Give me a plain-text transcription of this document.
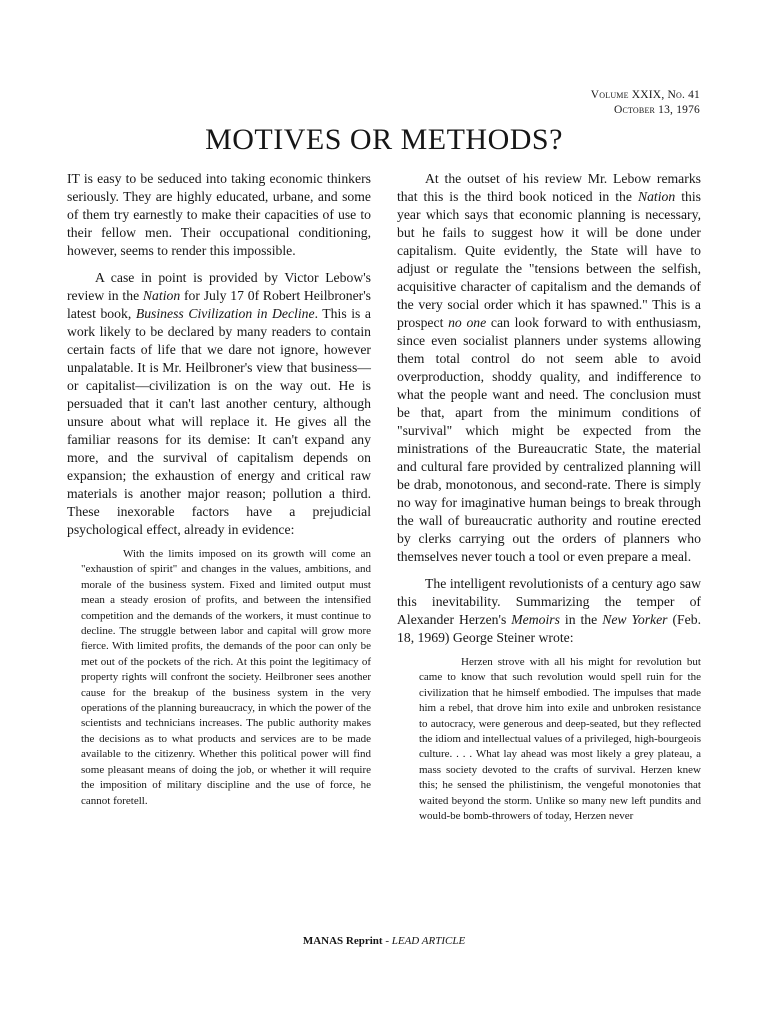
Volume XXIX, No. 41
October 13, 1976
MOTIVES OR METHODS?

IT is easy to be seduced into taking economic thinkers seriously. They are highly educated, urbane, and some of them try earnestly to make their capacities of use to their fellow men. Their occupational conditioning, however, seems to render this impossible.

A case in point is provided by Victor Lebow's review in the Nation for July 17 0f Robert Heilbroner's latest book, Business Civilization in Decline. This is a work likely to be declared by many readers to contain certain facts of life that we dare not ignore, however unpalatable. It is Mr. Heilbroner's view that business—or capitalist—civilization is on the way out. He is persuaded that it can't last another century, although unsure about what will replace it. He gives all the familiar reasons for its demise: It can't expand any more, and the survival of capitalism depends on expansion; the exhaustion of energy and critical raw materials is another major reason; pollution a third. These inexorable factors have a prejudicial psychological effect, already in evidence:

With the limits imposed on its growth will come an "exhaustion of spirit" and changes in the values, ambitions, and morale of the business system. Fixed and limited output must mean a steady erosion of profits, and between the intensified competition and the demands of the workers, it must continue to decline. The struggle between labor and capital will grow more fierce. With limited profits, the demands of the poor can only be met out of the pockets of the rich. At this point the legitimacy of property rights will confront the society. Heilbroner sees another cause for the breakup of the business system in the very operations of the planning bureaucracy, in which the power of the scientists and technicians increases. The public authority makes the decisions as to what products and services are to be made available to the citizenry. Whether this political power will find some pleasant means of doing the job, or whether it will require the imposition of military discipline and the use of force, he cannot foretell.

At the outset of his review Mr. Lebow remarks that this is the third book noticed in the Nation this year which says that economic planning is necessary, but he fails to suggest how it will be done under capitalism. Quite evidently, the State will have to adjust or regulate the "tensions between the selfish, acquisitive character of capitalism and the demands of the very social order which it has spawned." This is a prospect no one can look forward to with enthusiasm, since even socialist planners under systems allowing them total control do not seem able to avoid overproduction, shoddy quality, and indifference to what the people want and need. The conclusion must be that, apart from the minimum conditions of "survival" which might be expected from the ministrations of the Bureaucratic State, the material and cultural fare provided by centralized planning will be drab, monotonous, and second-rate. There is simply no way for imaginative human beings to break through the wall of bureaucratic authority and routine erected by clerks carrying out the orders of planners who themselves never touch a tool or even prepare a meal.

The intelligent revolutionists of a century ago saw this inevitability. Summarizing the temper of Alexander Herzen's Memoirs in the New Yorker (Feb. 18, 1969) George Steiner wrote:

Herzen strove with all his might for revolution but came to know that such revolution would spell ruin for the civilization that he himself embodied. The impulses that made him a rebel, that drove him into exile and unbroken resistance to autocracy, were generous and deep-seated, but they reflected the idiom and intellectual values of a privileged, high-bourgeois culture. . . . What lay ahead was most likely a grey plateau, a mass society devoted to the crafts of survival. Herzen knew this; he sensed the philistinism, the vengeful monotonies that waited beyond the storm. Unlike so many new left pundits and would-be bomb-throwers of today, Herzen never

MANAS Reprint - LEAD ARTICLE
